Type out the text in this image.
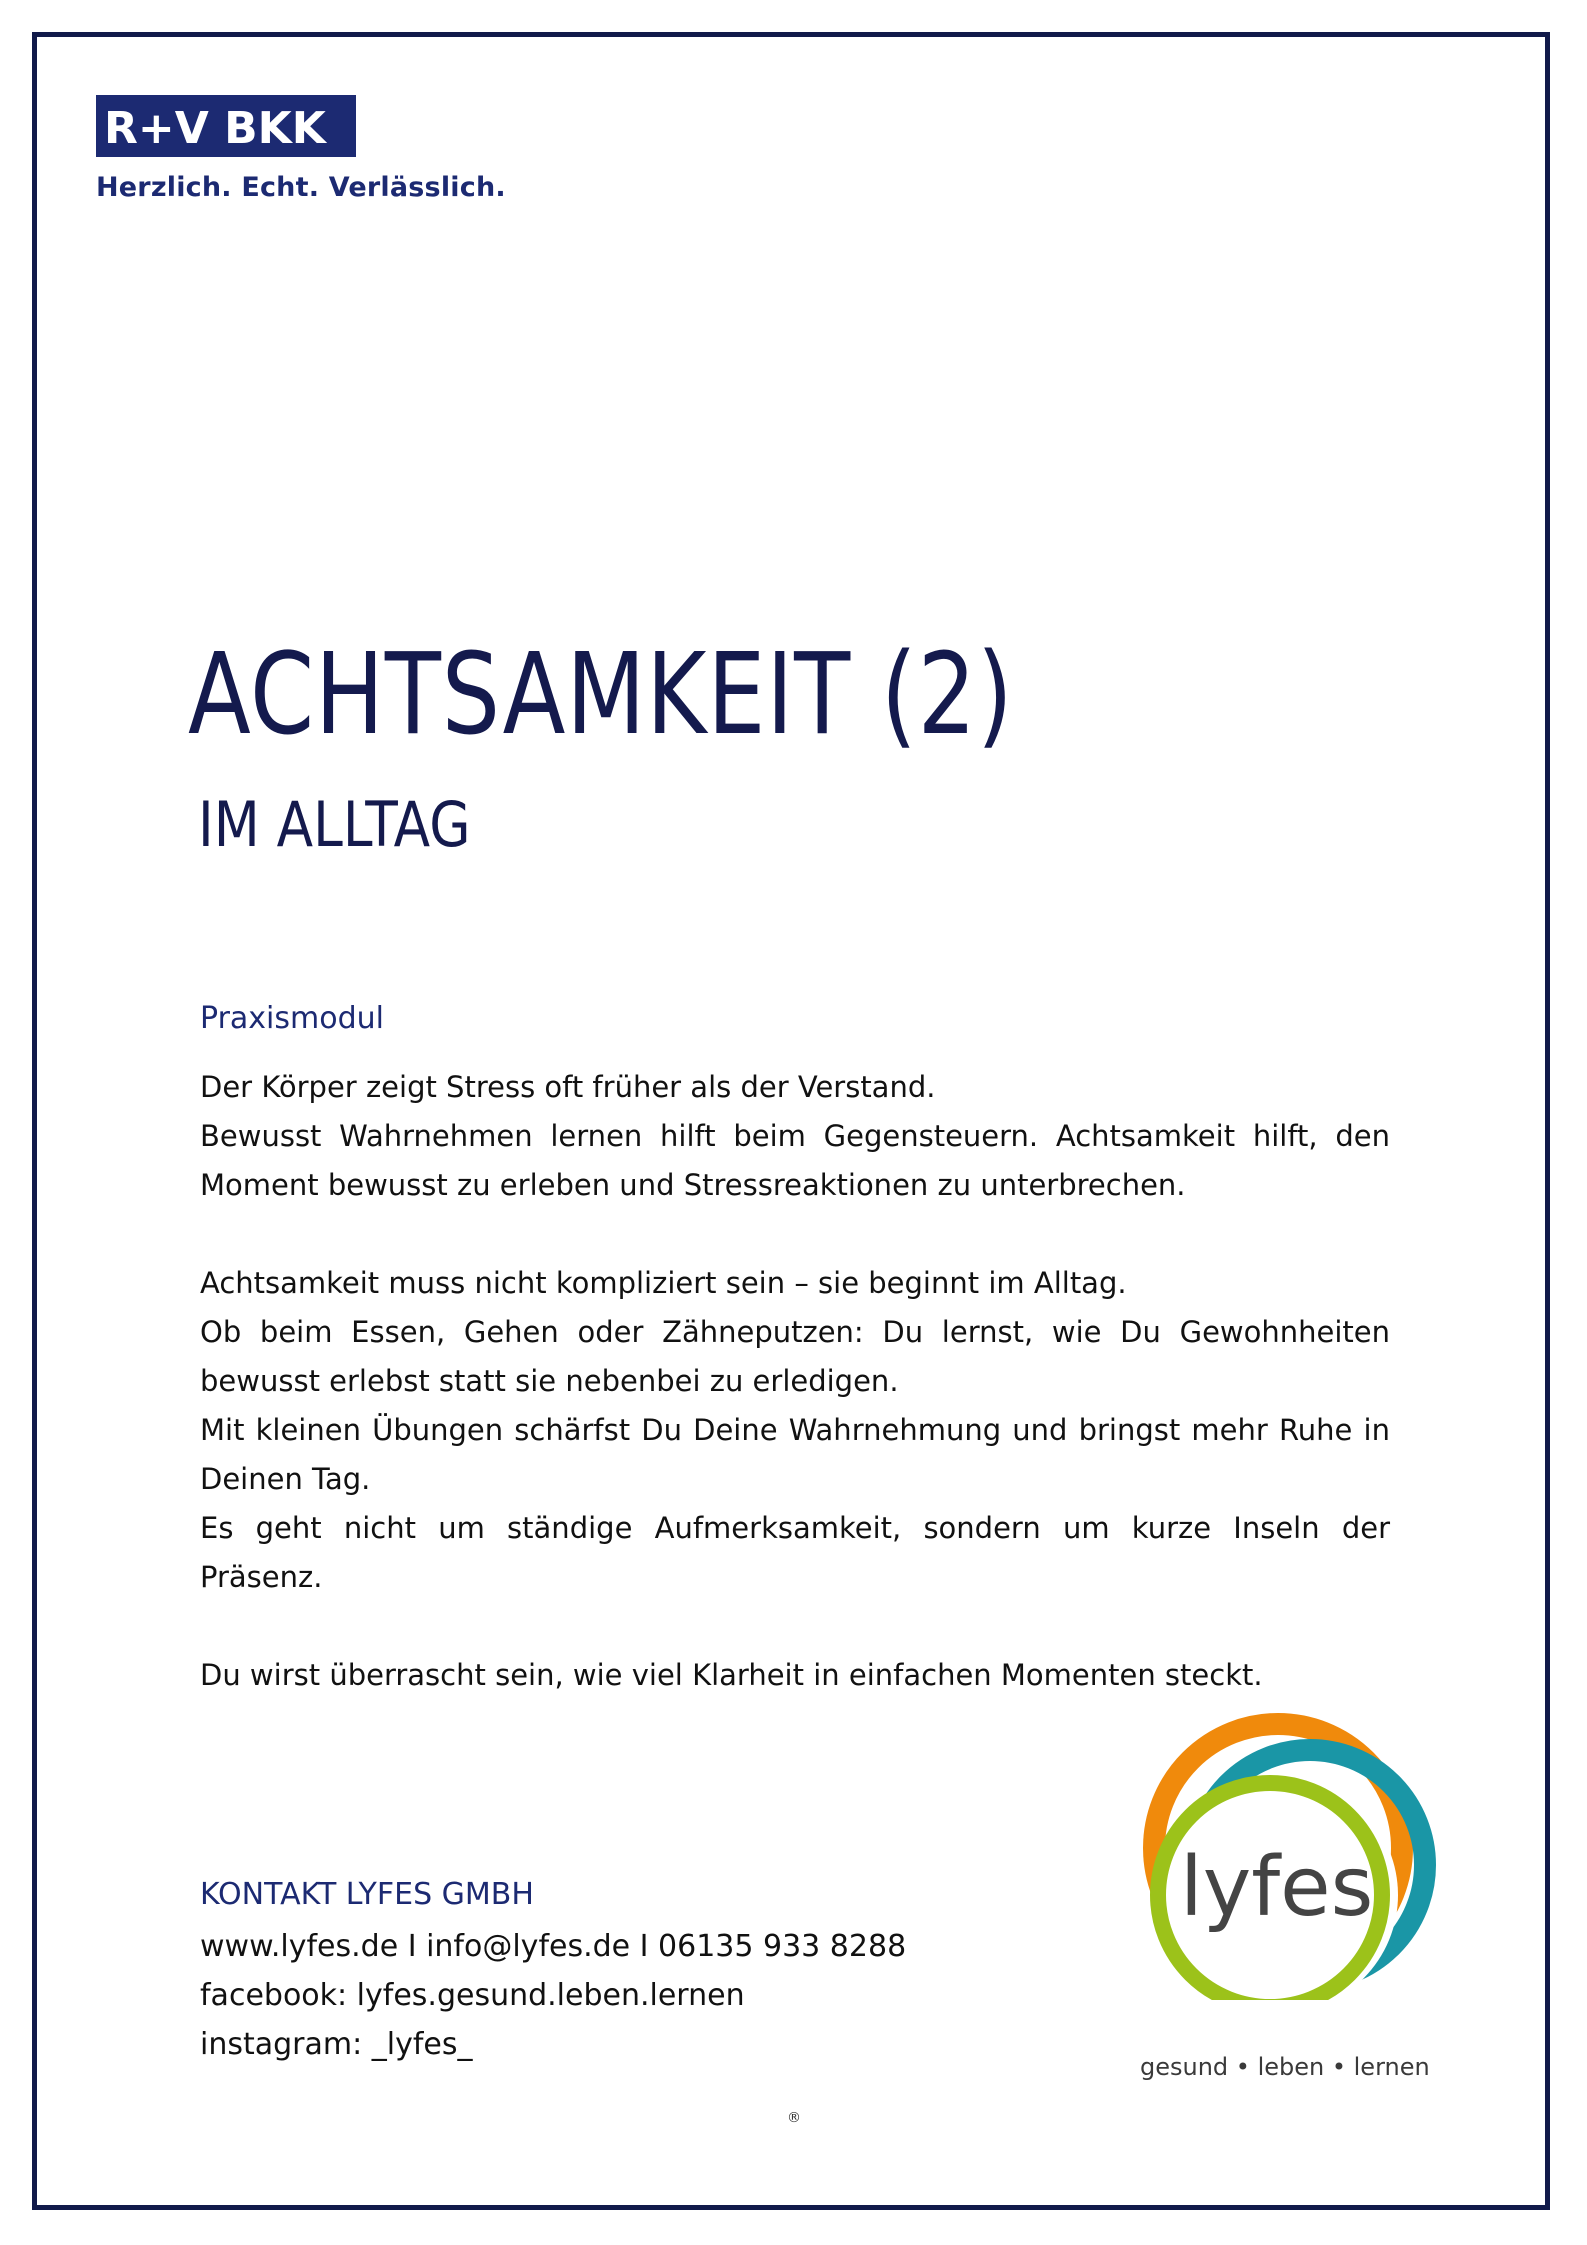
R+V BKK
Herzlich. Echt. Verlässlich.
ACHTSAMKEIT (2)
IM ALLTAG

Praxismodul

Der Körper zeigt Stress oft früher als der Verstand.

Bewusst Wahrnehmen lernen hilft beim Gegensteuern. Achtsamkeit hilft, den Moment bewusst zu erleben und Stressreaktionen zu unterbrechen.

Achtsamkeit muss nicht kompliziert sein – sie beginnt im Alltag.

Ob beim Essen, Gehen oder Zähneputzen: Du lernst, wie Du Gewohnheiten bewusst erlebst statt sie nebenbei zu erledigen.

Mit kleinen Übungen schärfst Du Deine Wahrnehmung und bringst mehr Ruhe in Deinen Tag.

Es geht nicht um ständige Aufmerksamkeit, sondern um kurze Inseln der Präsenz.

Du wirst überrascht sein, wie viel Klarheit in einfachen Momenten steckt.

KONTAKT LYFES GMBH

www.lyfes.de I info@lyfes.de I 06135 933 8288

facebook: lyfes.gesund.leben.lernen

instagram: _lyfes_

lyfes
gesund • leben • lernen
®
